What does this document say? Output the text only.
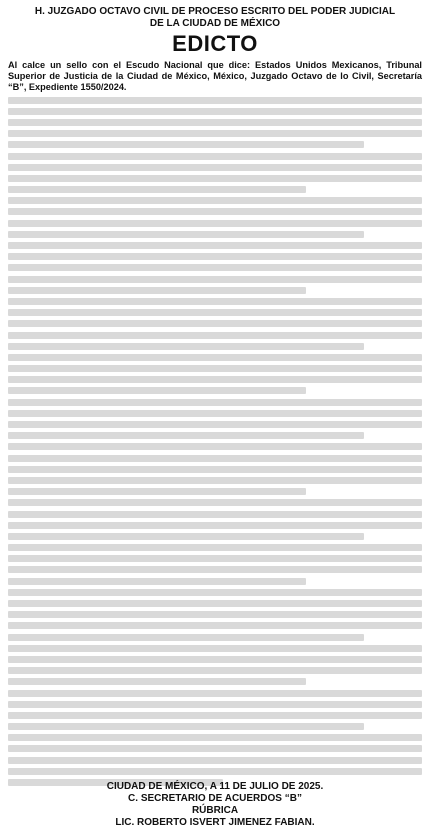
H. JUZGADO OCTAVO CIVIL DE PROCESO ESCRITO DEL PODER JUDICIAL
DE LA CIUDAD DE MÉXICO
EDICTO
Al calce un sello con el Escudo Nacional que dice: Estados Unidos Mexicanos, Tribunal Superior de Justicia de la Ciudad de México, México, Juzgado Octavo de lo Civil, Secretaría “B”, Expediente 1550/2024.
CIUDAD DE MÉXICO, A 11 DE JULIO DE 2025.
C. SECRETARIO DE ACUERDOS “B”
RÚBRICA
LIC. ROBERTO ISVERT JIMENEZ FABIAN.
